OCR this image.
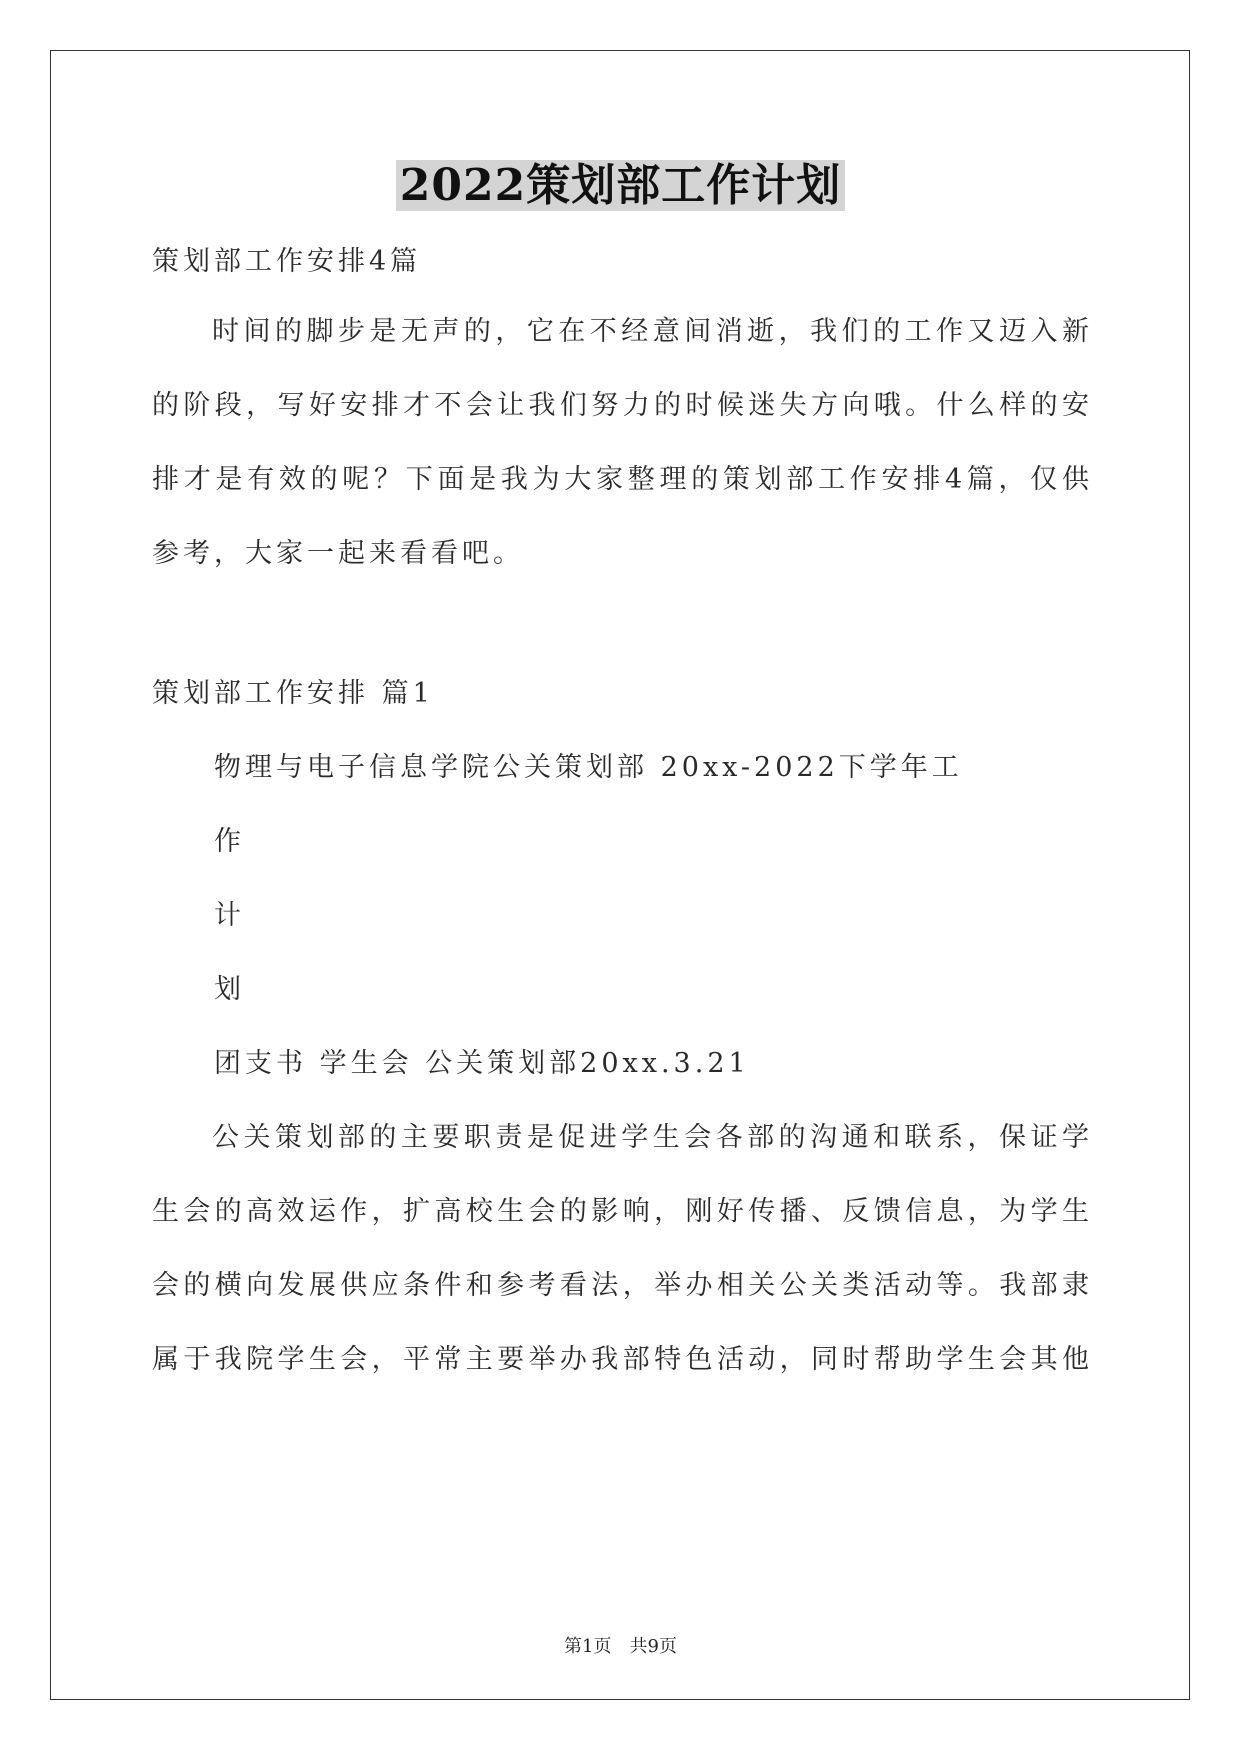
2022策划部工作计划
策划部工作安排4篇
时间的脚步是无声的，它在不经意间消逝，我们的工作又迈入新
的阶段，写好安排才不会让我们努力的时候迷失方向哦。什么样的安
排才是有效的呢？下面是我为大家整理的策划部工作安排4篇，仅供
参考，大家一起来看看吧。
策划部工作安排 篇1
物理与电子信息学院公关策划部 20xx-2022下学年工
作
计
划
团支书 学生会 公关策划部20xx.3.21
公关策划部的主要职责是促进学生会各部的沟通和联系，保证学
生会的高效运作，扩高校生会的影响，刚好传播、反馈信息，为学生
会的横向发展供应条件和参考看法，举办相关公关类活动等。我部隶
属于我院学生会，平常主要举办我部特色活动，同时帮助学生会其他
第1页　共9页
